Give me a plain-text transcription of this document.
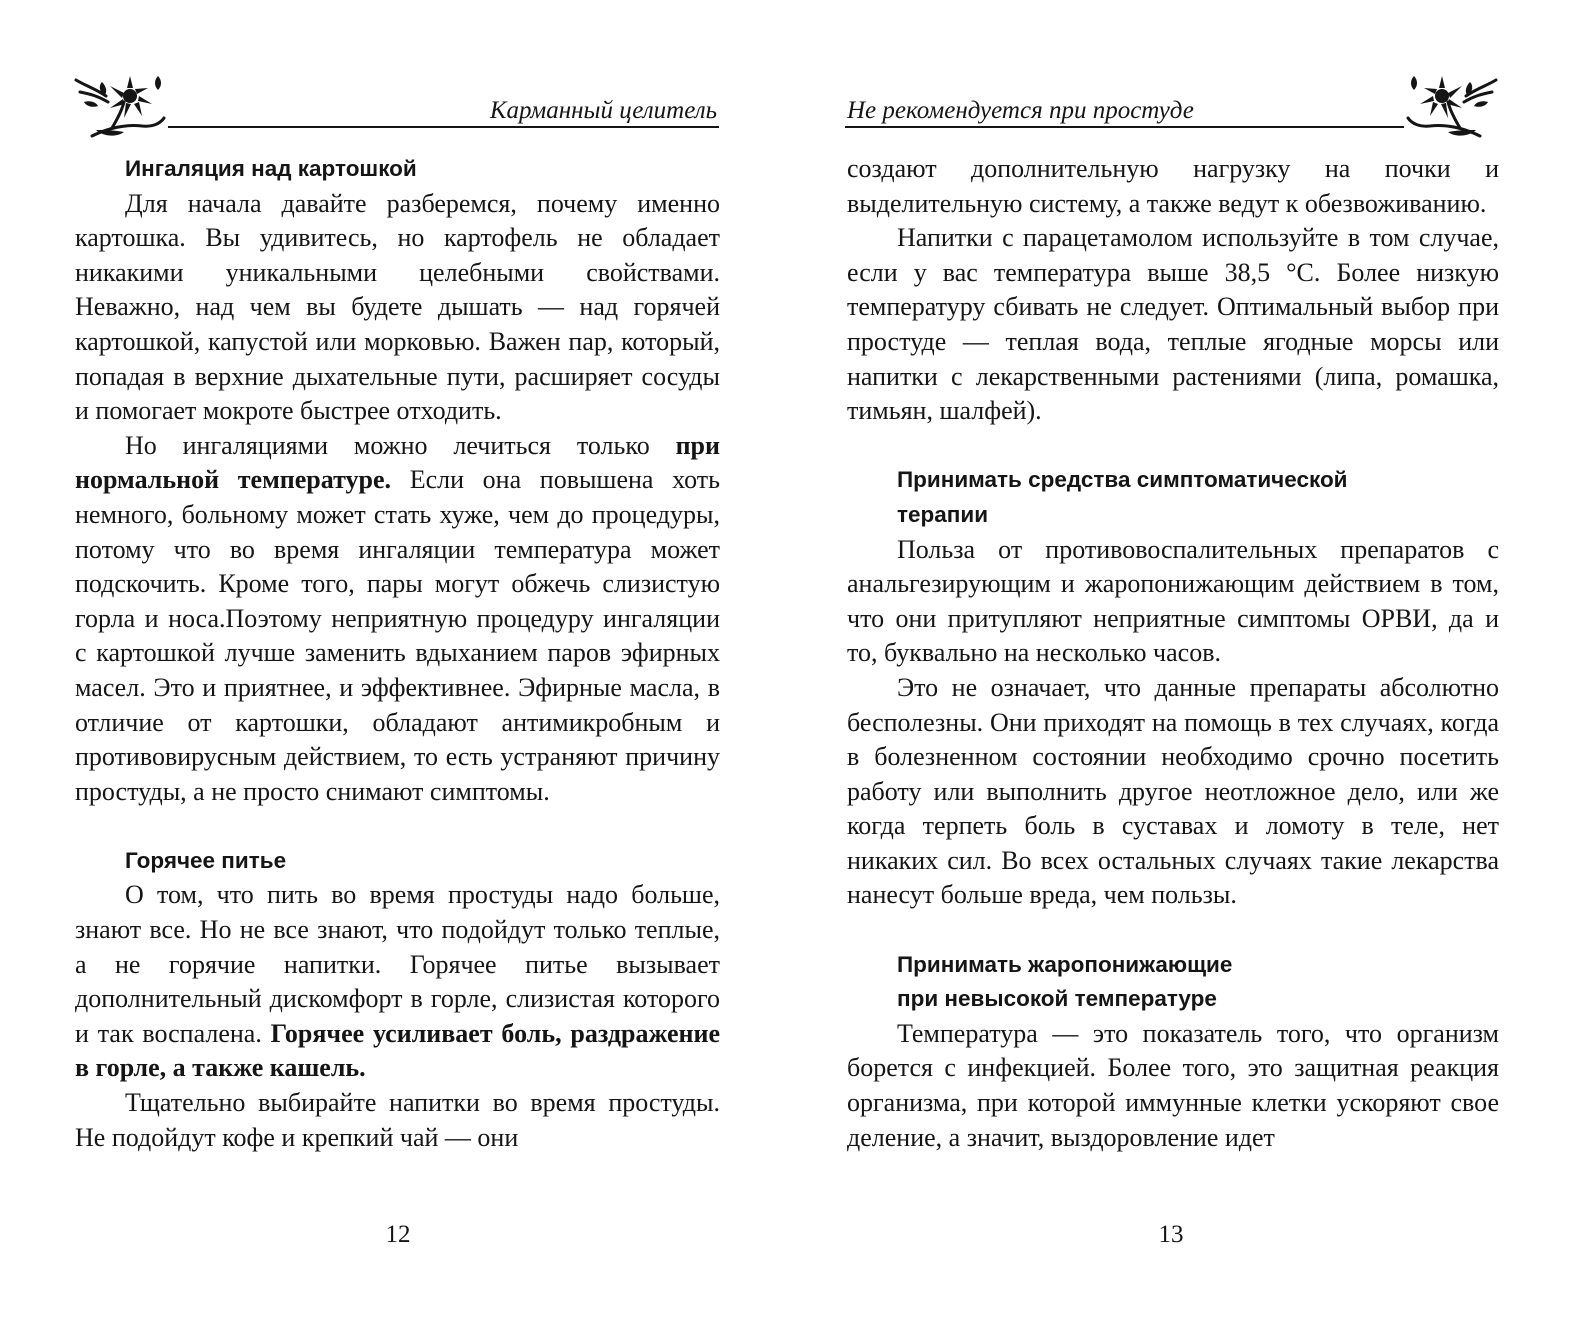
Карманный целитель

Ингаляция над картошкой

Для начала давайте разберемся, почему именно картошка. Вы удивитесь, но картофель не обладает никакими уникальными целебными свойствами. Неважно, над чем вы будете дышать — над горячей картошкой, капустой или морковью. Важен пар, который, попадая в верхние дыхательные пути, расширяет сосуды и помогает мокроте быстрее отходить.

Но ингаляциями можно лечиться только при нормальной температуре. Если она повышена хоть немного, больному может стать хуже, чем до процедуры, потому что во время ингаляции температура может подскочить. Кроме того, пары могут обжечь слизистую горла и носа.Поэтому неприятную процедуру ингаляции с картошкой лучше заменить вдыханием паров эфирных масел. Это и приятнее, и эффективнее. Эфирные масла, в отличие от картошки, обладают антимикробным и противовирусным действием, то есть устраняют причину простуды, а не просто снимают симптомы.

Горячее питье

О том, что пить во время простуды надо больше, знают все. Но не все знают, что подойдут только теплые, а не горячие напитки. Горячее питье вызывает дополнительный дискомфорт в горле, слизистая которого и так воспалена. Горячее усиливает боль, раздражение в горле, а также кашель.

Тщательно выбирайте напитки во время простуды. Не подойдут кофе и крепкий чай — они

12

Не рекомендуется при простуде

создают дополнительную нагрузку на почки и выделительную систему, а также ведут к обезвоживанию.

Напитки с парацетамолом используйте в том случае, если у вас температура выше 38,5 °С. Более низкую температуру сбивать не следует. Оптимальный выбор при простуде — теплая вода, теплые ягодные морсы или напитки с лекарственными растениями (липа, ромашка, тимьян, шалфей).

Принимать средства симптоматической
терапии

Польза от противовоспалительных препаратов с анальгезирующим и жаропонижающим действием в том, что они притупляют неприятные симптомы ОРВИ, да и то, буквально на несколько часов.

Это не означает, что данные препараты абсолютно бесполезны. Они приходят на помощь в тех случаях, когда в болезненном состоянии необходимо срочно посетить работу или выполнить другое неотложное дело, или же когда терпеть боль в суставах и ломоту в теле, нет никаких сил. Во всех остальных случаях такие лекарства нанесут больше вреда, чем пользы.

Принимать жаропонижающие
при невысокой температуре

Температура — это показатель того, что организм борется с инфекцией. Более того, это защитная реакция организма, при которой иммунные клетки ускоряют свое деление, а значит, выздоровление идет

13
